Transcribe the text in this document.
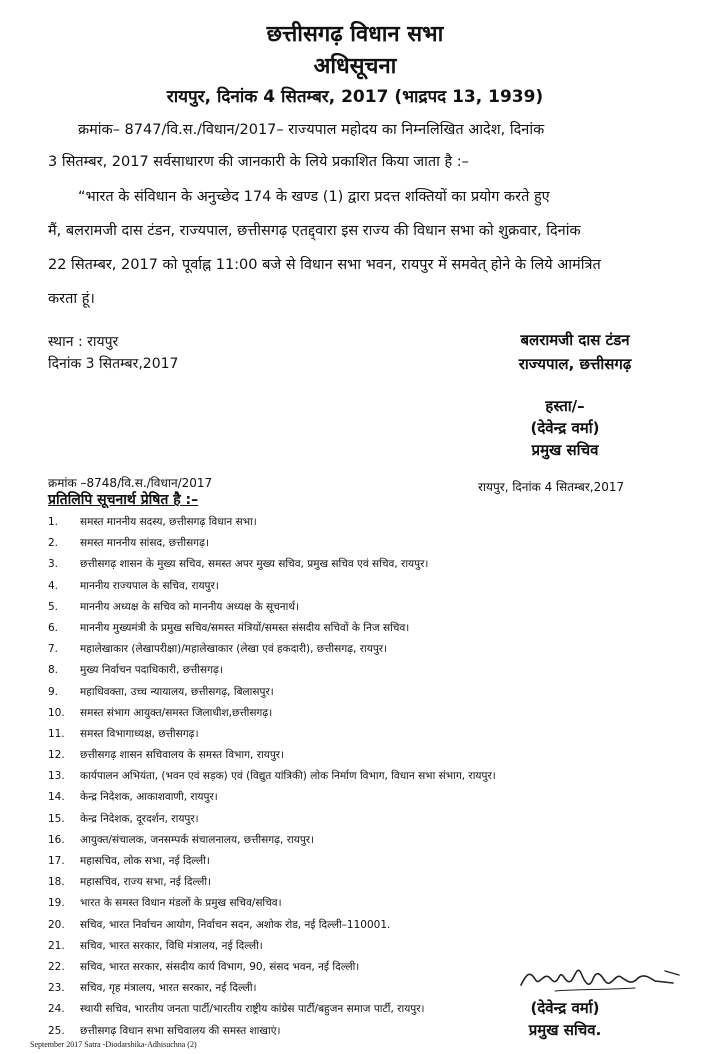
छत्तीसगढ़ विधान सभा
अधिसूचना
रायपुर, दिनांक 4 सितम्बर, 2017 (भाद्रपद 13, 1939)
क्रमांक– 8747/वि.स./विधान/2017– राज्यपाल महोदय का निम्नलिखित आदेश, दिनांक
3 सितम्बर, 2017 सर्वसाधारण की जानकारी के लिये प्रकाशित किया जाता है :–
“भारत के संविधान के अनुच्छेद 174 के खण्ड (1) द्वारा प्रदत्त शक्तियों का प्रयोग करते हुए
मैं, बलरामजी दास टंडन, राज्यपाल, छत्तीसगढ़ एतद्द्वारा इस राज्य की विधान सभा को शुक्रवार, दिनांक
22 सितम्बर, 2017 को पूर्वाह्न 11:00 बजे से विधान सभा भवन, रायपुर में समवेत् होने के लिये आमंत्रित
करता हूं।
स्थान : रायपुर
दिनांक 3 सितम्बर,2017
बलरामजी दास टंडन
राज्यपाल, छत्तीसगढ़
हस्ता/–
(देवेन्द्र वर्मा)
प्रमुख सचिव
क्रमांक –8748/वि.स./विधान/2017	रायपुर, दिनांक 4 सितम्बर,2017
प्रतिलिपि सूचनार्थ प्रेषित है :–
1.	समस्त माननीय सदस्य, छत्तीसगढ़ विधान सभा।
2.	समस्त माननीय सांसद, छत्तीसगढ़।
3.	छत्तीसगढ़ शासन के मुख्य सचिव, समस्त अपर मुख्य सचिव, प्रमुख सचिव एवं सचिव, रायपुर।
4.	माननीय राज्यपाल के सचिव, रायपुर।
5.	माननीय अध्यक्ष के सचिव को माननीय अध्यक्ष के सूचनार्थ।
6.	माननीय मुख्यमंत्री के प्रमुख सचिव/समस्त मंत्रियों/समस्त संसदीय सचिवों के निज सचिव।
7.	महालेखाकार (लेखापरीक्षा)/महालेखाकार (लेखा एवं हकदारी), छत्तीसगढ़, रायपुर।
8.	मुख्य निर्वाचन पदाधिकारी, छत्तीसगढ़।
9.	महाधिवक्ता, उच्च न्यायालय, छत्तीसगढ़, बिलासपुर।
10.	समस्त संभाग आयुक्त/समस्त जिलाधीश,छत्तीसगढ़।
11.	समस्त विभागाध्यक्ष, छत्तीसगढ़।
12.	छत्तीसगढ़ शासन सचिवालय के समस्त विभाग, रायपुर।
13.	कार्यपालन अभियंता, (भवन एवं सड़क) एवं (विद्युत यांत्रिकी) लोक निर्माण विभाग, विधान सभा संभाग, रायपुर।
14.	केन्द्र निदेशक, आकाशवाणी, रायपुर।
15.	केन्द्र निदेशक, दूरदर्शन, रायपुर।
16.	आयुक्त/संचालक, जनसम्पर्क संचालनालय, छत्तीसगढ़, रायपुर।
17.	महासचिव, लोक सभा, नई दिल्ली।
18.	महासचिव, राज्य सभा, नई दिल्ली।
19.	भारत के समस्त विधान मंडलों के प्रमुख सचिव/सचिव।
20.	सचिव, भारत निर्वाचन आयोग, निर्वाचन सदन, अशोक रोड, नई दिल्ली–110001.
21.	सचिव, भारत सरकार, विधि मंत्रालय, नई दिल्ली।
22.	सचिव, भारत सरकार, संसदीय कार्य विभाग, 90, संसद भवन, नई दिल्ली।
23.	सचिव, गृह मंत्रालय, भारत सरकार, नई दिल्ली।
24.	स्थायी सचिव, भारतीय जनता पार्टी/भारतीय राष्ट्रीय कांग्रेस पार्टी/बहुजन समाज पार्टी, रायपुर।
25.	छत्तीसगढ़ विधान सभा सचिवालय की समस्त शाखाएं।
(देवेन्द्र वर्मा)
प्रमुख सचिव.
September 2017 Satra -Diodarshika-Adhisuchna (2)
